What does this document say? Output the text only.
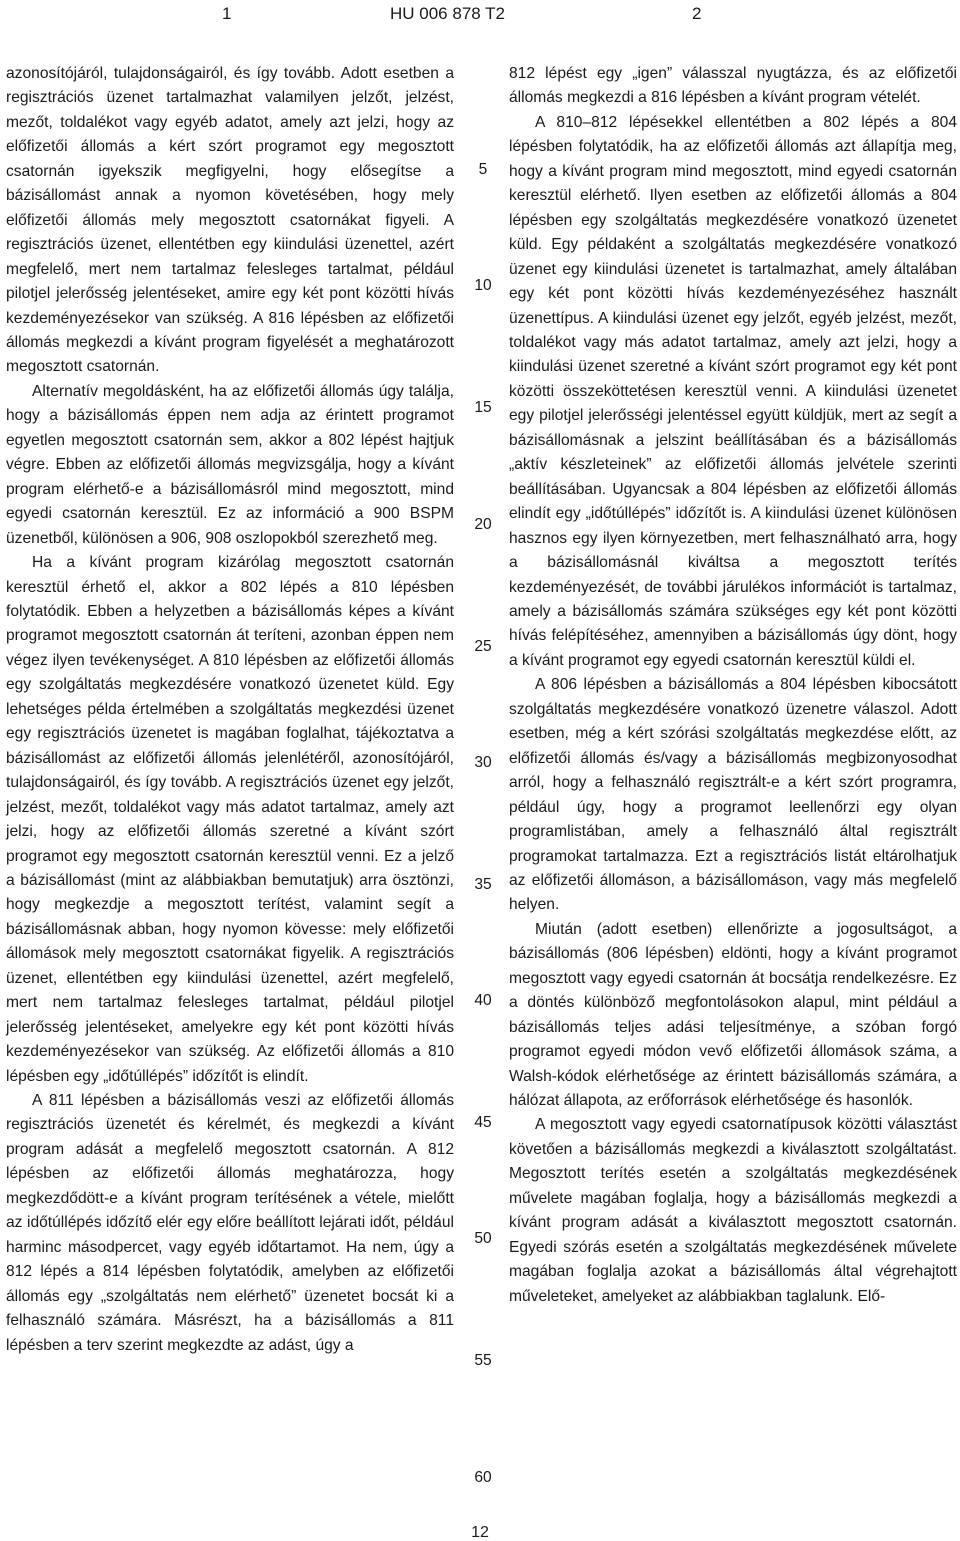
1	HU 006 878 T2	2

azonosítójáról, tulajdonságairól, és így tovább. Adott esetben a regisztrációs üzenet tartalmazhat valamilyen jelzőt, jelzést, mezőt, toldalékot vagy egyéb adatot, amely azt jelzi, hogy az előfizetői állomás a kért szórt programot egy megosztott csatornán igyekszik megfigyelni, hogy elősegítse a bázisállomást annak a nyomon követésében, hogy mely előfizetői állomás mely megosztott csatornákat figyeli. A regisztrációs üzenet, ellentétben egy kiindulási üzenettel, azért megfelelő, mert nem tartalmaz felesleges tartalmat, például pilotjel jelerősség jelentéseket, amire egy két pont közötti hívás kezdeményezésekor van szükség. A 816 lépésben az előfizetői állomás megkezdi a kívánt program figyelését a meghatározott megosztott csatornán.

Alternatív megoldásként, ha az előfizetői állomás úgy találja, hogy a bázisállomás éppen nem adja az érintett programot egyetlen megosztott csatornán sem, akkor a 802 lépést hajtjuk végre. Ebben az előfizetői állomás megvizsgálja, hogy a kívánt program elérhető-e a bázisállomásról mind megosztott, mind egyedi csatornán keresztül. Ez az információ a 900 BSPM üzenetből, különösen a 906, 908 oszlopokból szerezhető meg.

Ha a kívánt program kizárólag megosztott csatornán keresztül érhető el, akkor a 802 lépés a 810 lépésben folytatódik. Ebben a helyzetben a bázisállomás képes a kívánt programot megosztott csatornán át teríteni, azonban éppen nem végez ilyen tevékenységet. A 810 lépésben az előfizetői állomás egy szolgáltatás megkezdésére vonatkozó üzenetet küld. Egy lehetséges példa értelmében a szolgáltatás megkezdési üzenet egy regisztrációs üzenetet is magában foglalhat, tájékoztatva a bázisállomást az előfizetői állomás jelenlétéről, azonosítójáról, tulajdonságairól, és így tovább. A regisztrációs üzenet egy jelzőt, jelzést, mezőt, toldalékot vagy más adatot tartalmaz, amely azt jelzi, hogy az előfizetői állomás szeretné a kívánt szórt programot egy megosztott csatornán keresztül venni. Ez a jelző a bázisállomást (mint az alábbiakban bemutatjuk) arra ösztönzi, hogy megkezdje a megosztott terítést, valamint segít a bázisállomásnak abban, hogy nyomon kövesse: mely előfizetői állomások mely megosztott csatornákat figyelik. A regisztrációs üzenet, ellentétben egy kiindulási üzenettel, azért megfelelő, mert nem tartalmaz felesleges tartalmat, például pilotjel jelerősség jelentéseket, amelyekre egy két pont közötti hívás kezdeményezésekor van szükség. Az előfizetői állomás a 810 lépésben egy „időtúllépés” időzítőt is elindít.

A 811 lépésben a bázisállomás veszi az előfizetői állomás regisztrációs üzenetét és kérelmét, és megkezdi a kívánt program adását a megfelelő megosztott csatornán. A 812 lépésben az előfizetői állomás meghatározza, hogy megkezdődött-e a kívánt program terítésének a vétele, mielőtt az időtúllépés időzítő elér egy előre beállított lejárati időt, például harminc másodpercet, vagy egyéb időtartamot. Ha nem, úgy a 812 lépés a 814 lépésben folytatódik, amelyben az előfizetői állomás egy „szolgáltatás nem elérhető” üzenetet bocsát ki a felhasználó számára. Másrészt, ha a bázisállomás a 811 lépésben a terv szerint megkezdte az adást, úgy a

5
10
15
20
25
30
35
40
45
50
55
60

812 lépést egy „igen” válasszal nyugtázza, és az előfizetői állomás megkezdi a 816 lépésben a kívánt program vételét.

A 810–812 lépésekkel ellentétben a 802 lépés a 804 lépésben folytatódik, ha az előfizetői állomás azt állapítja meg, hogy a kívánt program mind megosztott, mind egyedi csatornán keresztül elérhető. Ilyen esetben az előfizetői állomás a 804 lépésben egy szolgáltatás megkezdésére vonatkozó üzenetet küld. Egy példaként a szolgáltatás megkezdésére vonatkozó üzenet egy kiindulási üzenetet is tartalmazhat, amely általában egy két pont közötti hívás kezdeményezéséhez használt üzenettípus. A kiindulási üzenet egy jelzőt, egyéb jelzést, mezőt, toldalékot vagy más adatot tartalmaz, amely azt jelzi, hogy a kiindulási üzenet szeretné a kívánt szórt programot egy két pont közötti összeköttetésen keresztül venni. A kiindulási üzenetet egy pilotjel jelerősségi jelentéssel együtt küldjük, mert az segít a bázisállomásnak a jelszint beállításában és a bázisállomás „aktív készleteinek” az előfizetői állomás jelvétele szerinti beállításában. Ugyancsak a 804 lépésben az előfizetői állomás elindít egy „időtúllépés” időzítőt is. A kiindulási üzenet különösen hasznos egy ilyen környezetben, mert felhasználható arra, hogy a bázisállomásnál kiváltsa a megosztott terítés kezdeményezését, de további járulékos információt is tartalmaz, amely a bázisállomás számára szükséges egy két pont közötti hívás felépítéséhez, amennyiben a bázisállomás úgy dönt, hogy a kívánt programot egy egyedi csatornán keresztül küldi el.

A 806 lépésben a bázisállomás a 804 lépésben kibocsátott szolgáltatás megkezdésére vonatkozó üzenetre válaszol. Adott esetben, még a kért szórási szolgáltatás megkezdése előtt, az előfizetői állomás és/vagy a bázisállomás megbizonyosodhat arról, hogy a felhasználó regisztrált-e a kért szórt programra, például úgy, hogy a programot leellenőrzi egy olyan programlistában, amely a felhasználó által regisztrált programokat tartalmazza. Ezt a regisztrációs listát eltárolhatjuk az előfizetői állomáson, a bázisállomáson, vagy más megfelelő helyen.

Miután (adott esetben) ellenőrizte a jogosultságot, a bázisállomás (806 lépésben) eldönti, hogy a kívánt programot megosztott vagy egyedi csatornán át bocsátja rendelkezésre. Ez a döntés különböző megfontolásokon alapul, mint például a bázisállomás teljes adási teljesítménye, a szóban forgó programot egyedi módon vevő előfizetői állomások száma, a Walsh-kódok elérhetősége az érintett bázisállomás számára, a hálózat állapota, az erőforrások elérhetősége és hasonlók.

A megosztott vagy egyedi csatornatípusok közötti választást követően a bázisállomás megkezdi a kiválasztott szolgáltatást. Megosztott terítés esetén a szolgáltatás megkezdésének művelete magában foglalja, hogy a bázisállomás megkezdi a kívánt program adását a kiválasztott megosztott csatornán. Egyedi szórás esetén a szolgáltatás megkezdésének művelete magában foglalja azokat a bázisállomás által végrehajtott műveleteket, amelyeket az alábbiakban taglalunk. Elő-

12
